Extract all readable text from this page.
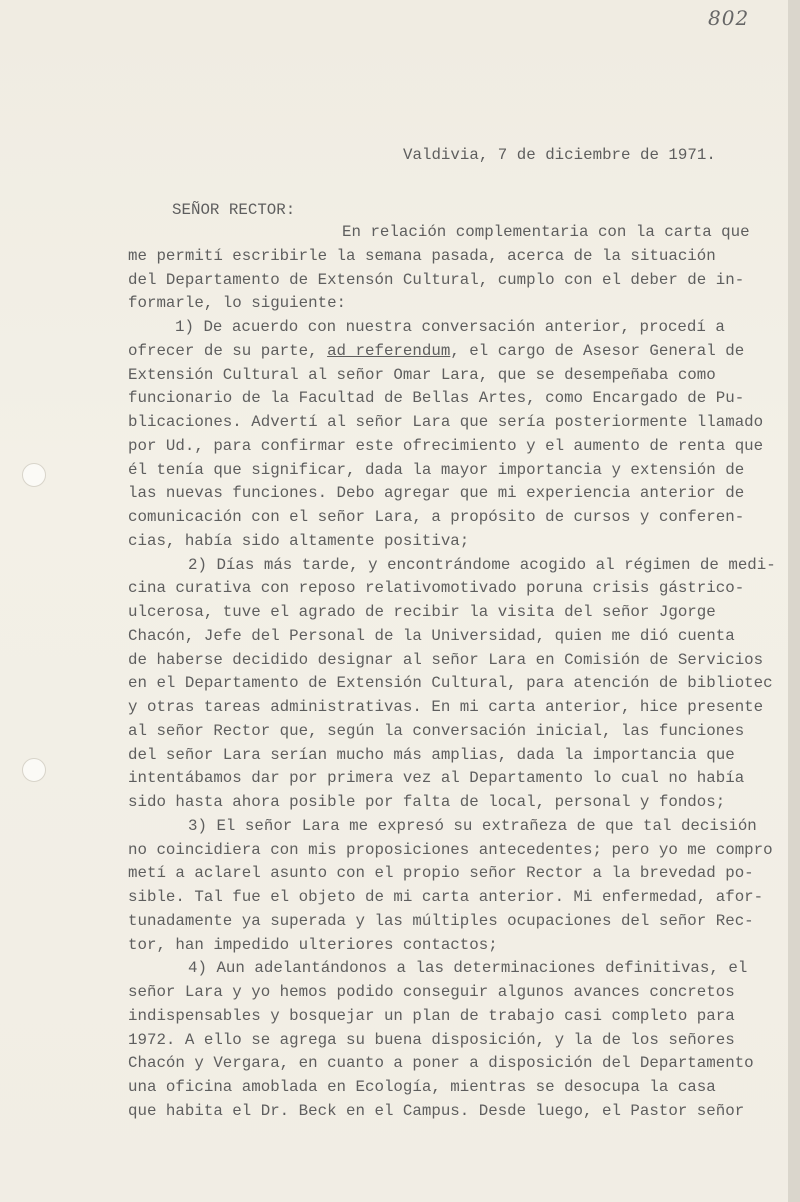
802

Valdivia, 7 de diciembre de 1971.

SEÑOR RECTOR:

En relación complementaria con la carta que
me permití escribirle la semana pasada, acerca de la situación
del Departamento de Extensón Cultural, cumplo con el deber de in-
formarle, lo siguiente:
1) De acuerdo con nuestra conversación anterior, procedí a
ofrecer de su parte, ad referendum, el cargo de Asesor General de
Extensión Cultural al señor Omar Lara, que se desempeñaba como
funcionario de la Facultad de Bellas Artes, como Encargado de Pu-
blicaciones. Advertí al señor Lara que sería posteriormente llamado
por Ud., para confirmar este ofrecimiento y el aumento de renta que
él tenía que significar, dada la mayor importancia y extensión de
las nuevas funciones. Debo agregar que mi experiencia anterior de
comunicación con el señor Lara, a propósito de cursos y conferen-
cias, había sido altamente positiva;
2) Días más tarde, y encontrándome acogido al régimen de medi-
cina curativa con reposo relativomotivado poruna crisis gástrico-
ulcerosa, tuve el agrado de recibir la visita del señor Jgorge
Chacón, Jefe del Personal de la Universidad, quien me dió cuenta
de haberse decidido designar al señor Lara en Comisión de Servicios
en el Departamento de Extensión Cultural, para atención de bibliotec
y otras tareas administrativas. En mi carta anterior, hice presente
al señor Rector que, según la conversación inicial, las funciones
del señor Lara serían mucho más amplias, dada la importancia que
intentábamos dar por primera vez al Departamento lo cual no había
sido hasta ahora posible por falta de local, personal y fondos;
3) El señor Lara me expresó su extrañeza de que tal decisión
no coincidiera con mis proposiciones antecedentes; pero yo me compro
metí a aclarel asunto con el propio señor Rector a la brevedad po-
sible. Tal fue el objeto de mi carta anterior. Mi enfermedad, afor-
tunadamente ya superada y las múltiples ocupaciones del señor Rec-
tor, han impedido ulteriores contactos;
4) Aun adelantándonos a las determinaciones definitivas, el
señor Lara y yo hemos podido conseguir algunos avances concretos
indispensables y bosquejar un plan de trabajo casi completo para
1972. A ello se agrega su buena disposición, y la de los señores
Chacón y Vergara, en cuanto a poner a disposición del Departamento
una oficina amoblada en Ecología, mientras se desocupa la casa
que habita el Dr. Beck en el Campus. Desde luego, el Pastor señor
